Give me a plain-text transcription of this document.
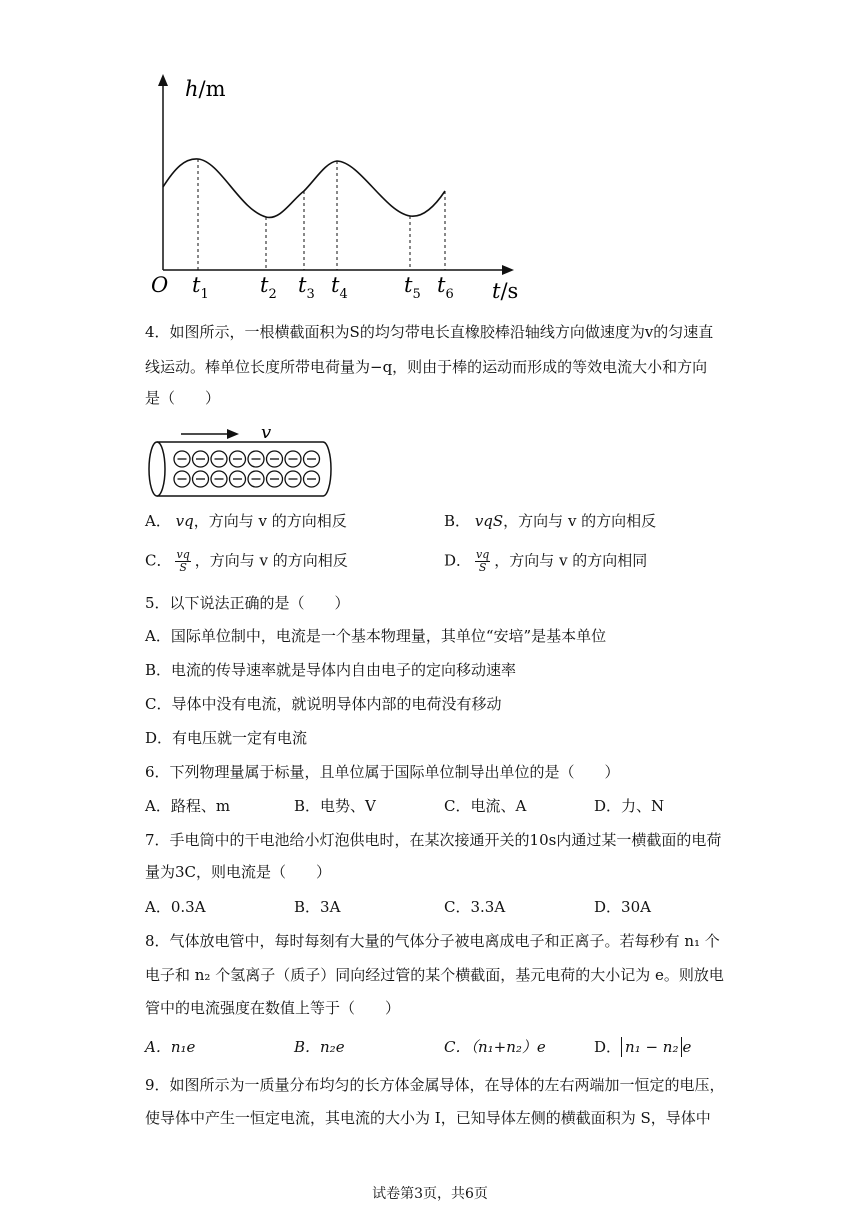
h/m
O	t/s
$t_1$ $t_2$ $t_3$ $t_4$	$t_5$ $t_6$
4．如图所示，一根横截面积为S的均匀带电长直橡胶棒沿轴线方向做速度为v的匀速直
线运动。棒单位长度所带电荷量为−q，则由于棒的运动而形成的等效电流大小和方向
是（　　）
v
A． vq，方向与 v 的方向相反	B． vqS，方向与 v 的方向相反
C． $\frac{vq}{S}$ ，方向与 v 的方向相反	D． $\frac{vq}{S}$ ，方向与 v 的方向相同
5．以下说法正确的是（　　）
A．国际单位制中，电流是一个基本物理量，其单位“安培”是基本单位
B．电流的传导速率就是导体内自由电子的定向移动速率
C．导体中没有电流，就说明导体内部的电荷没有移动
D．有电压就一定有电流
6．下列物理量属于标量，且单位属于国际单位制导出单位的是（　　）
A．路程、m	B．电势、V	C．电流、A	D．力、N
7．手电筒中的干电池给小灯泡供电时，在某次接通开关的10s内通过某一横截面的电荷
量为3C，则电流是（　　）
A．0.3A	B．3A	C．3.3A	D．30A
8．气体放电管中，每时每刻有大量的气体分子被电离成电子和正离子。若每秒有 n₁ 个
电子和 n₂ 个氢离子（质子）同向经过管的某个横截面，基元电荷的大小记为 e。则放电
管中的电流强度在数值上等于（　　）
A．n₁e	B．n₂e	C．（n₁+n₂）e	D． n₁ − n₂ e
9．如图所示为一质量分布均匀的长方体金属导体，在导体的左右两端加一恒定的电压，
使导体中产生一恒定电流，其电流的大小为 I，已知导体左侧的横截面积为 S，导体中
试卷第3页，共6页
